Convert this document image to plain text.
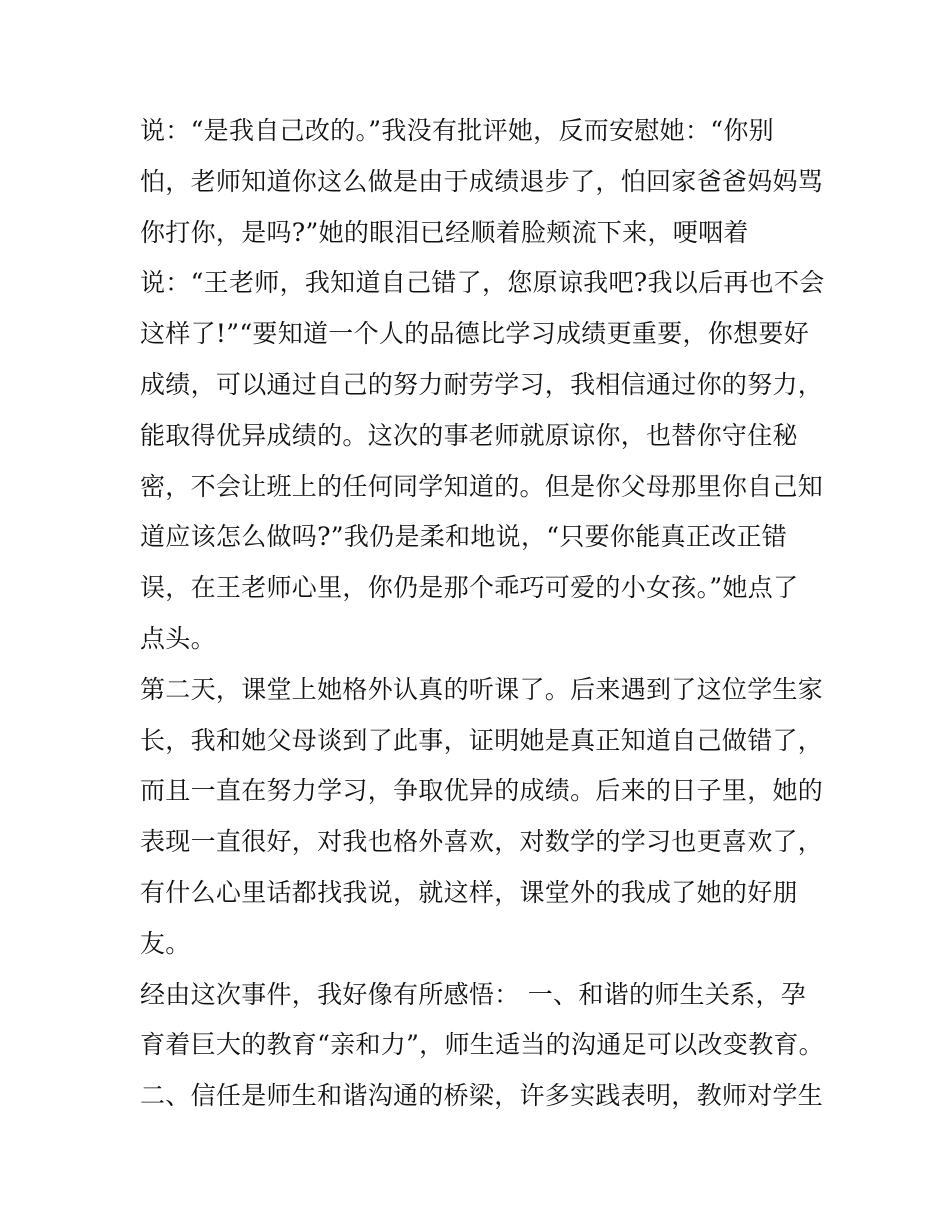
说：“是我自己改的。”我没有批评她，反而安慰她：“你别
怕，老师知道你这么做是由于成绩退步了，怕回家爸爸妈妈骂
你打你，是吗?”她的眼泪已经顺着脸颊流下来，哽咽着
说：“王老师，我知道自己错了，您原谅我吧?我以后再也不会
这样了!”“要知道一个人的品德比学习成绩更重要，你想要好
成绩，可以通过自己的努力耐劳学习，我相信通过你的努力，
能取得优异成绩的。这次的事老师就原谅你，也替你守住秘
密，不会让班上的任何同学知道的。但是你父母那里你自己知
道应该怎么做吗?”我仍是柔和地说，“只要你能真正改正错
误，在王老师心里，你仍是那个乖巧可爱的小女孩。”她点了
点头。
第二天，课堂上她格外认真的听课了。后来遇到了这位学生家
长，我和她父母谈到了此事，证明她是真正知道自己做错了，
而且一直在努力学习，争取优异的成绩。后来的日子里，她的
表现一直很好，对我也格外喜欢，对数学的学习也更喜欢了，
有什么心里话都找我说，就这样，课堂外的我成了她的好朋
友。
经由这次事件，我好像有所感悟： 一、和谐的师生关系，孕
育着巨大的教育“亲和力”，师生适当的沟通足可以改变教育。
二、信任是师生和谐沟通的桥梁，许多实践表明，教师对学生
